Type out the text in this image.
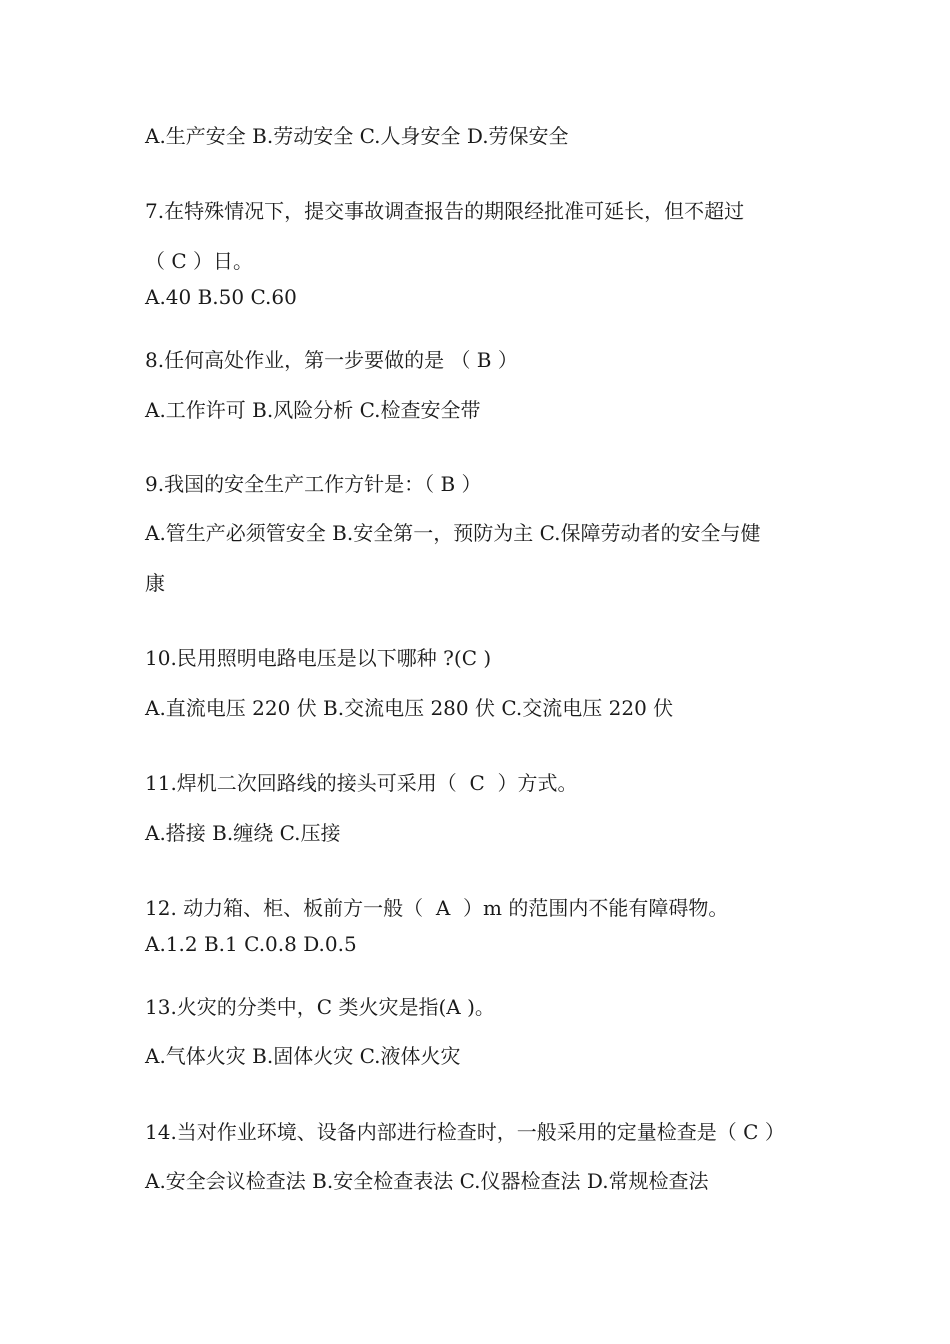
A.生产安全 B.劳动安全 C.人身安全 D.劳保安全
7.在特殊情况下，提交事故调查报告的期限经批准可延长，但不超过
（ C ）日。
A.40 B.50 C.60
8.任何高处作业，第一步要做的是 （ B ）
A.工作许可 B.风险分析 C.检查安全带
9.我国的安全生产工作方针是：（ B ）
A.管生产必须管安全 B.安全第一，预防为主 C.保障劳动者的安全与健
康
10.民用照明电路电压是以下哪种 ?(C )
A.直流电压 220 伏 B.交流电压 280 伏 C.交流电压 220 伏
11.焊机二次回路线的接头可采用（  C  ）方式。
A.搭接 B.缠绕 C.压接
12. 动力箱、柜、板前方一般（  A  ）m 的范围内不能有障碍物。
A.1.2 B.1 C.0.8 D.0.5
13.火灾的分类中，C 类火灾是指(A )。
A.气体火灾 B.固体火灾 C.液体火灾
14.当对作业环境、设备内部进行检查时，一般采用的定量检查是（ C ）
A.安全会议检查法 B.安全检查表法 C.仪器检查法 D.常规检查法
